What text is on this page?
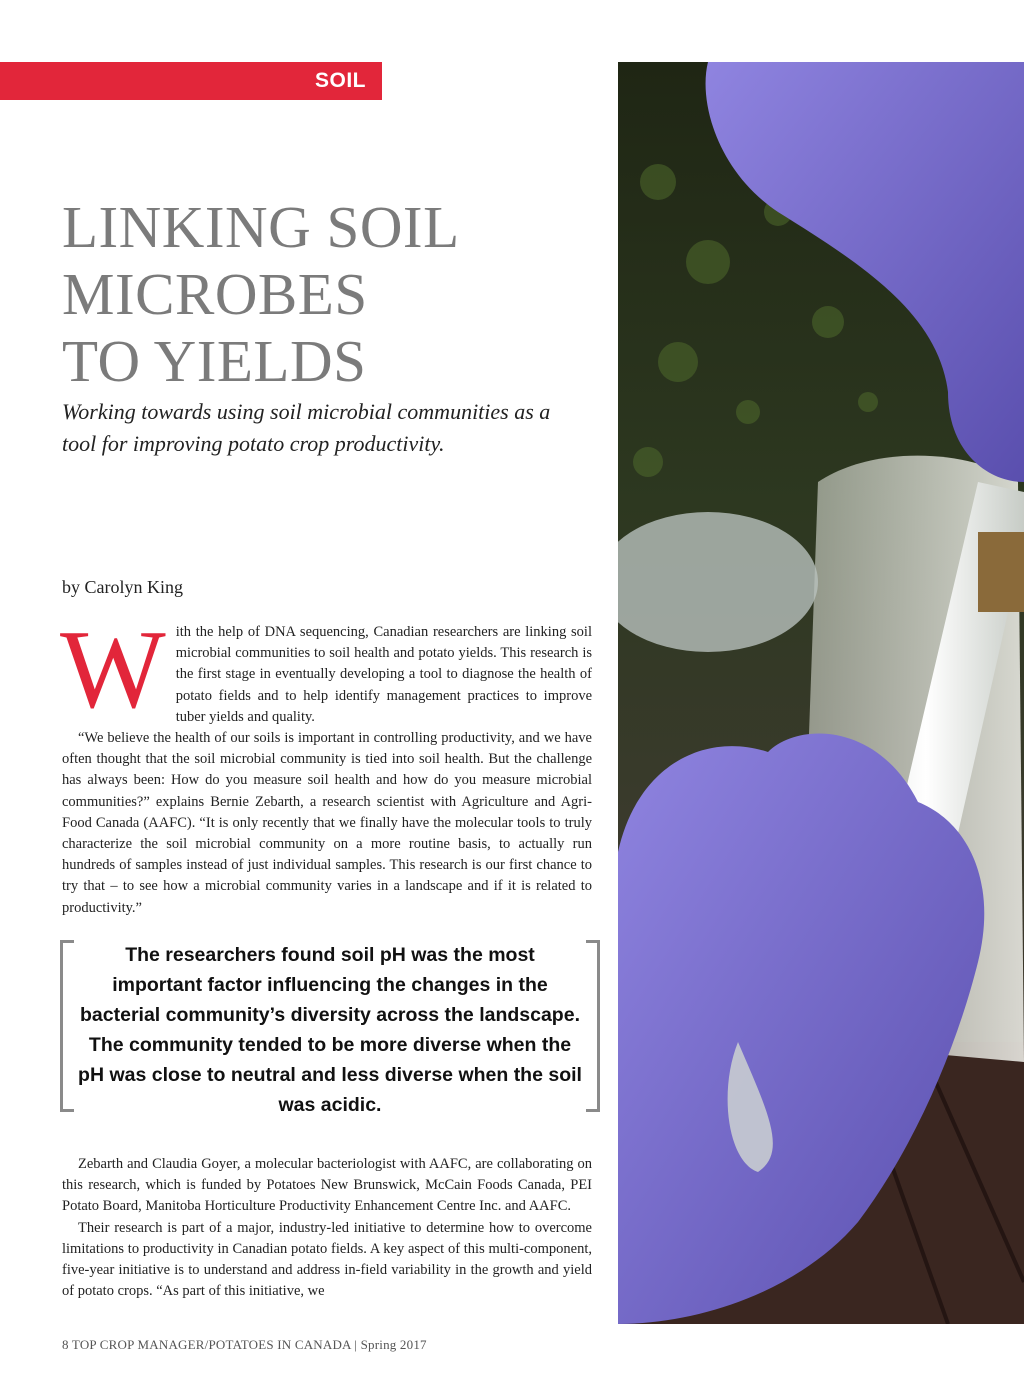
SOIL
LINKING SOIL
MICROBES
TO YIELDS

Working towards using soil microbial communities as a
tool for improving potato crop productivity.

by Carolyn King

With the help of DNA sequencing, Canadian researchers are linking soil microbial communities to soil health and potato yields. This research is the first stage in eventually developing a tool to diagnose the health of potato fields and to help identify management practices to improve tuber yields and quality.

“We believe the health of our soils is important in controlling productivity, and we have often thought that the soil microbial community is tied into soil health. But the challenge has always been: How do you measure soil health and how do you measure microbial communities?” explains Bernie Zebarth, a research scientist with Agriculture and Agri-Food Canada (AAFC). “It is only recently that we finally have the molecular tools to truly characterize the soil microbial community on a more routine basis, to actually run hundreds of samples instead of just individual samples. This research is our first chance to try that – to see how a microbial community varies in a landscape and if it is related to productivity.”

The researchers found soil pH was the most important factor influencing the changes in the bacterial community’s diversity across the landscape. The community tended to be more diverse when the pH was close to neutral and less diverse when the soil was acidic.

Zebarth and Claudia Goyer, a molecular bacteriologist with AAFC, are collaborating on this research, which is funded by Potatoes New Brunswick, McCain Foods Canada, PEI Potato Board, Manitoba Horticulture Productivity Enhancement Centre Inc. and AAFC.

Their research is part of a major, industry-led initiative to determine how to overcome limitations to productivity in Canadian potato fields. A key aspect of this multi-component, five-year initiative is to understand and address in-field variability in the growth and yield of potato crops. “As part of this initiative, we

8 TOP CROP MANAGER/POTATOES IN CANADA | Spring 2017
